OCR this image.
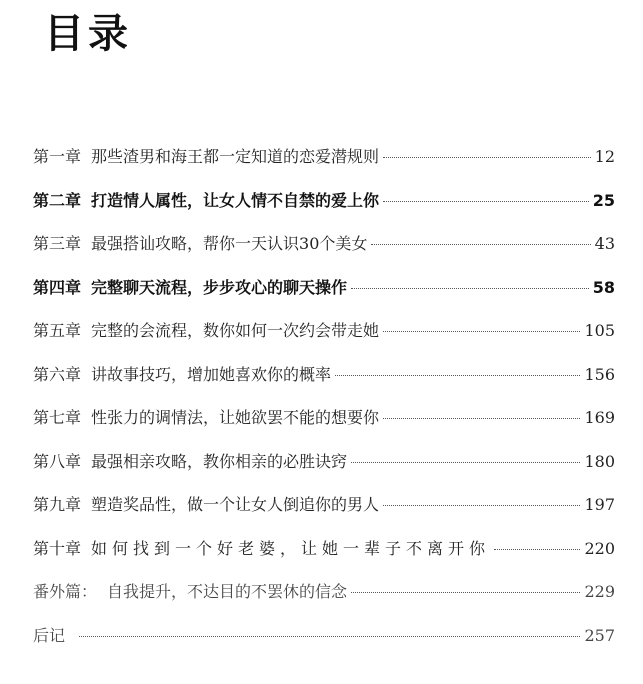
目录
第一章 那些渣男和海王都一定知道的恋爱潜规则	12
第二章 打造情人属性，让女人情不自禁的爱上你	25
第三章 最强搭讪攻略，帮你一天认识30个美女	43
第四章 完整聊天流程，步步攻心的聊天操作	58
第五章 完整的会流程，数你如何一次约会带走她	105
第六章 讲故事技巧，增加她喜欢你的概率	156
第七章 性张力的调情法，让她欲罢不能的想要你	169
第八章 最强相亲攻略，教你相亲的必胜诀窍	180
第九章 塑造奖品性，做一个让女人倒追你的男人	197
第十章 如何找到一个好老婆，让她一辈子不离开你	220
番外篇： 自我提升，不达目的不罢休的信念	229
后记	257
